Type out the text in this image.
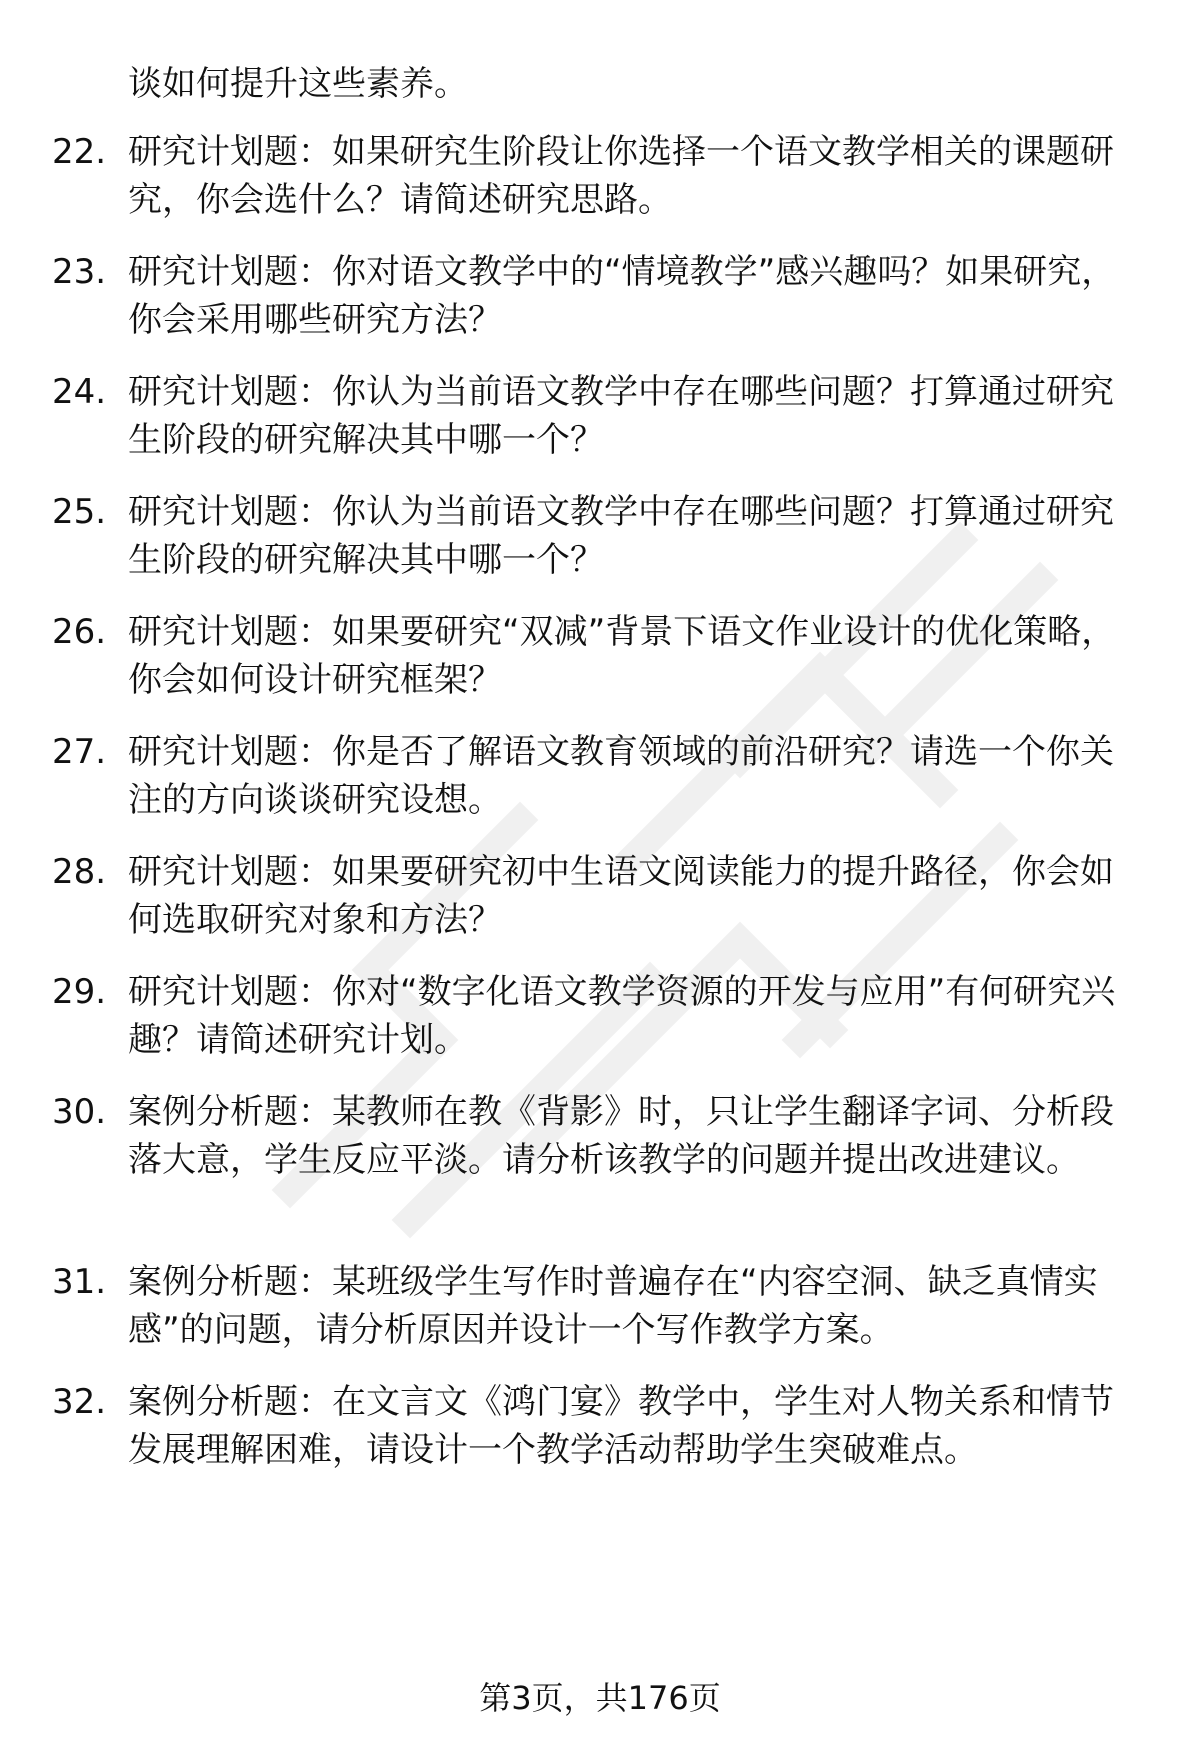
谈如何提升这些素养。
22. 研究计划题：如果研究生阶段让你选择一个语文教学相关的课题研究，你会选什么？请简述研究思路。
23. 研究计划题：你对语文教学中的“情境教学”感兴趣吗？如果研究，你会采用哪些研究方法？
24. 研究计划题：你认为当前语文教学中存在哪些问题？打算通过研究生阶段的研究解决其中哪一个？
25. 研究计划题：你认为当前语文教学中存在哪些问题？打算通过研究生阶段的研究解决其中哪一个？
26. 研究计划题：如果要研究“双减”背景下语文作业设计的优化策略，你会如何设计研究框架？
27. 研究计划题：你是否了解语文教育领域的前沿研究？请选一个你关注的方向谈谈研究设想。
28. 研究计划题：如果要研究初中生语文阅读能力的提升路径，你会如何选取研究对象和方法？
29. 研究计划题：你对“数字化语文教学资源的开发与应用”有何研究兴趣？请简述研究计划。
30. 案例分析题：某教师在教《背影》时，只让学生翻译字词、分析段落大意，学生反应平淡。请分析该教学的问题并提出改进建议。
31. 案例分析题：某班级学生写作时普遍存在“内容空洞、缺乏真情实感”的问题，请分析原因并设计一个写作教学方案。
32. 案例分析题：在文言文《鸿门宴》教学中，学生对人物关系和情节发展理解困难，请设计一个教学活动帮助学生突破难点。
第3页，共176页
